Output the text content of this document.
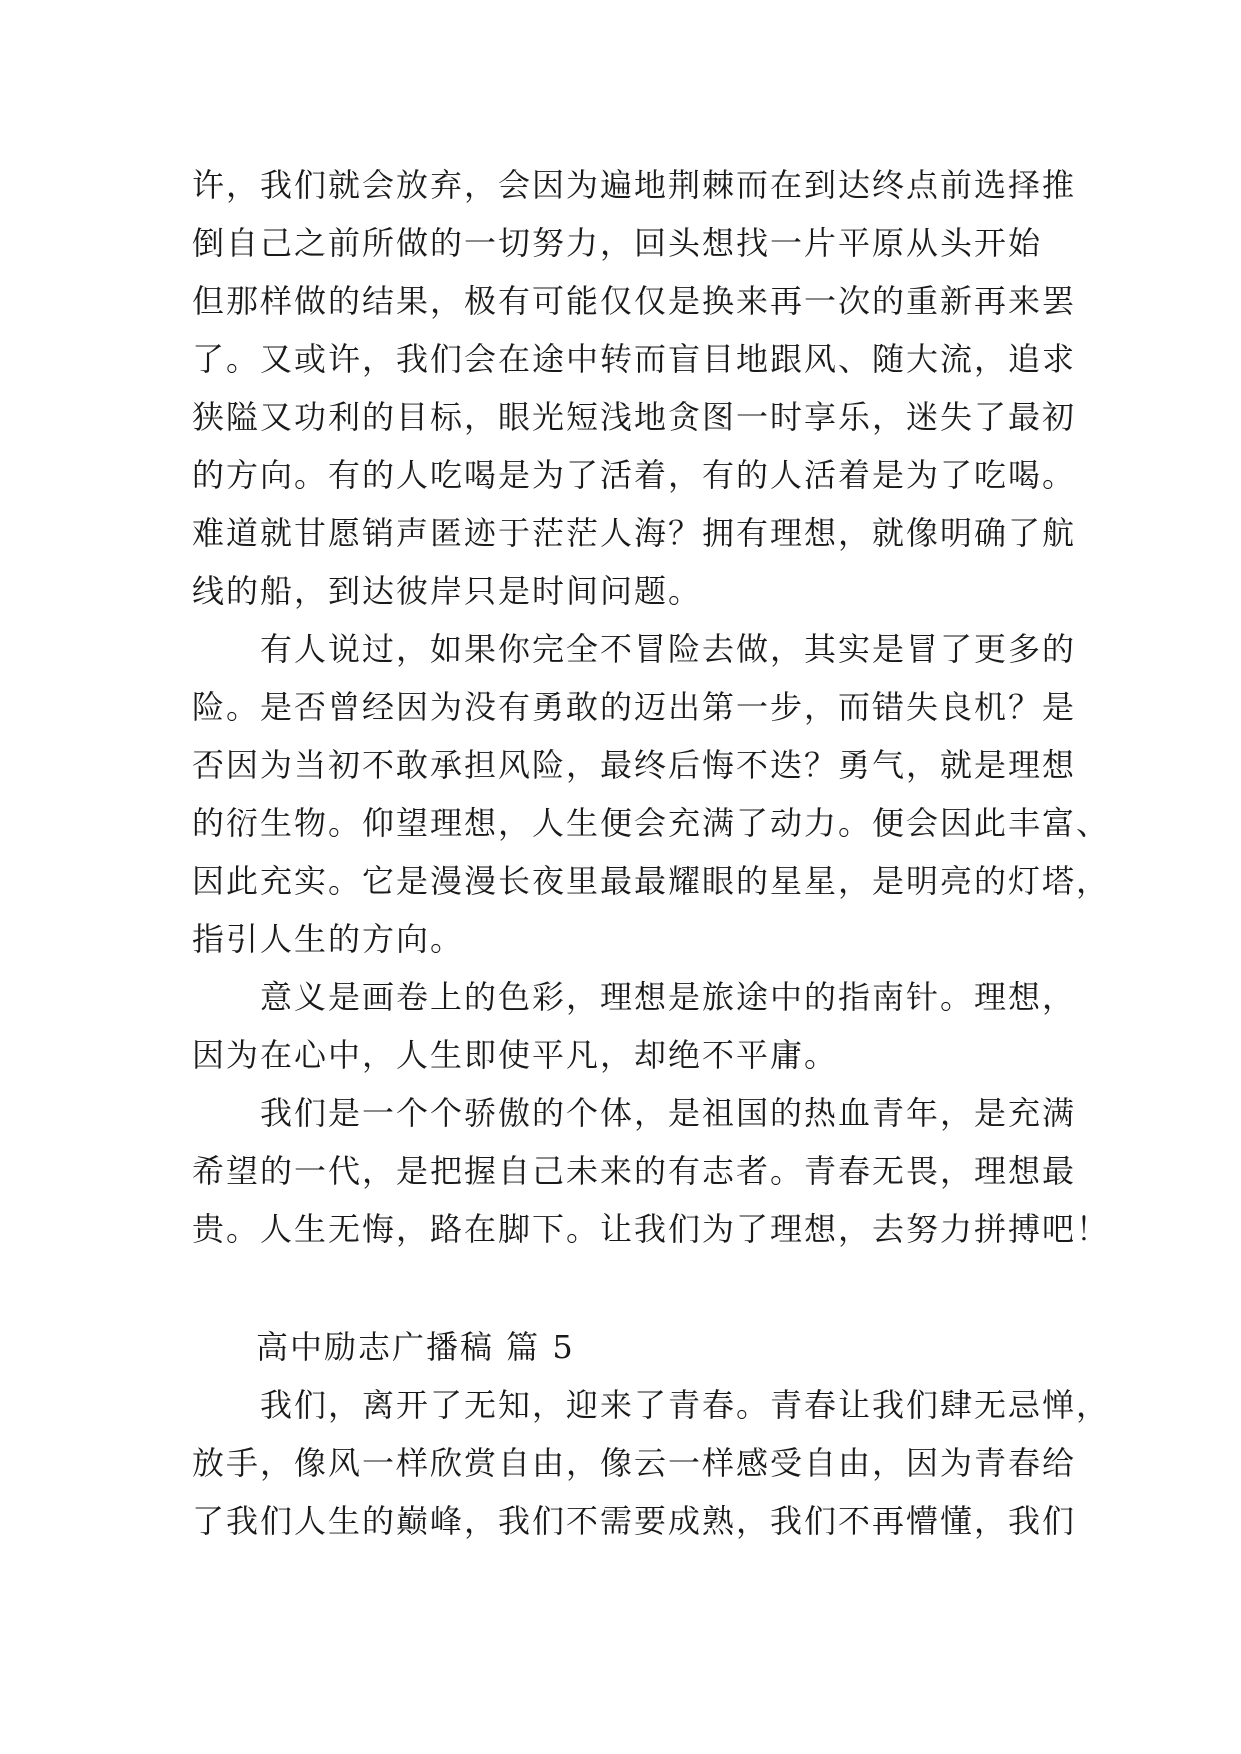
许，我们就会放弃，会因为遍地荆棘而在到达终点前选择推
倒自己之前所做的一切努力，回头想找一片平原从头开始
但那样做的结果，极有可能仅仅是换来再一次的重新再来罢
了。又或许，我们会在途中转而盲目地跟风、随大流，追求
狭隘又功利的目标，眼光短浅地贪图一时享乐，迷失了最初
的方向。有的人吃喝是为了活着，有的人活着是为了吃喝。
难道就甘愿销声匿迹于茫茫人海？拥有理想，就像明确了航
线的船，到达彼岸只是时间问题。
有人说过，如果你完全不冒险去做，其实是冒了更多的
险。是否曾经因为没有勇敢的迈出第一步，而错失良机？是
否因为当初不敢承担风险，最终后悔不迭？勇气，就是理想
的衍生物。仰望理想，人生便会充满了动力。便会因此丰富、
因此充实。它是漫漫长夜里最最耀眼的星星，是明亮的灯塔，
指引人生的方向。
意义是画卷上的色彩，理想是旅途中的指南针。理想，
因为在心中，人生即使平凡，却绝不平庸。
我们是一个个骄傲的个体，是祖国的热血青年，是充满
希望的一代，是把握自己未来的有志者。青春无畏，理想最
贵。人生无悔，路在脚下。让我们为了理想，去努力拼搏吧！
高中励志广播稿 篇 5
我们，离开了无知，迎来了青春。青春让我们肆无忌惮，
放手，像风一样欣赏自由，像云一样感受自由，因为青春给
了我们人生的巅峰，我们不需要成熟，我们不再懵懂，我们
